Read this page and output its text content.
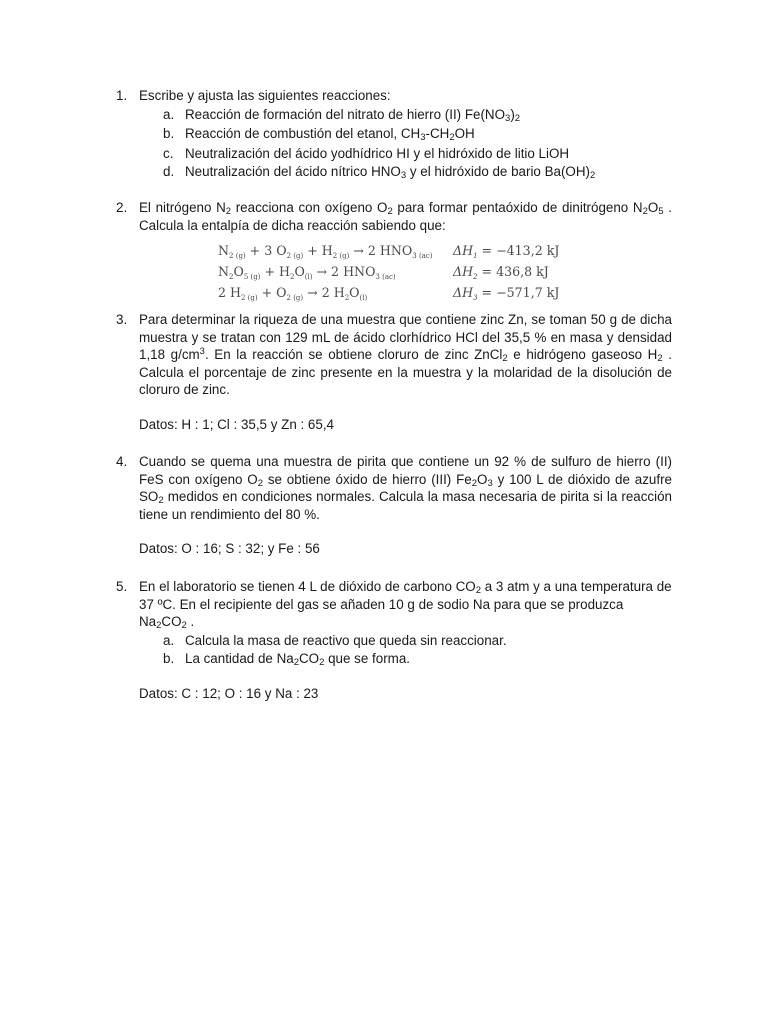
1. Escribe y ajusta las siguientes reacciones:
a. Reacción de formación del nitrato de hierro (II) $Fe(NO_3)_2$
b. Reacción de combustión del etanol, $CH_3-CH_2OH$
c. Neutralización del ácido yodhídrico HI y el hidróxido de litio LiOH
d. Neutralización del ácido nítrico $HNO_3$ y el hidróxido de bario $Ba(OH)_2$
2. El nitrógeno $N_2$ reacciona con oxígeno $O_2$ para formar pentaóxido de dinitrógeno $N_2O_5$ . Calcula la entalpía de dicha reacción sabiendo que:
$N_{2 (g)} + 3$ $O_{2 (g)} + H_{2 (g)} \to 2$ $HNO_{3 (ac)}$ $\Delta H_1 = -413,2$ kJ
$N_2O_{5 (g)} + H_2O_{(l)} \to 2$ $HNO_{3 (ac)}$	$\Delta H_2 = 436,8$ kJ
2 $H_{2 (g)} + O_{2 (g)} \to 2$ $H_2O_{(l)}$	$\Delta H_3 = -571,7$ kJ
3. Para determinar la riqueza de una muestra que contiene zinc Zn, se toman 50 g de dicha muestra y se tratan con 129 mL de ácido clorhídrico HCl del 35,5 % en masa y densidad 1,18 $g/cm^3$. En la reacción se obtiene cloruro de zinc ZnCl$_2$ e hidrógeno gaseoso $H_2$ . Calcula el porcentaje de zinc presente en la muestra y la molaridad de la disolución de cloruro de zinc.
Datos: H : 1; Cl : 35,5 y Zn : 65,4
4. Cuando se quema una muestra de pirita que contiene un 92 % de sulfuro de hierro (II) FeS con oxígeno $O_2$ se obtiene óxido de hierro (III) $Fe_2O_3$ y 100 L de dióxido de azufre $SO_2$ medidos en condiciones normales. Calcula la masa necesaria de pirita si la reacción tiene un rendimiento del 80 %.
Datos: O : 16; S : 32; y Fe : 56
5. En el laboratorio se tienen 4 L de dióxido de carbono $CO_2$ a 3 atm y a una temperatura de 37 ºC. En el recipiente del gas se añaden 10 g de sodio Na para que se produzca $Na_2CO_2$ .
a. Calcula la masa de reactivo que queda sin reaccionar.
b. La cantidad de $Na_2CO_2$ que se forma.
Datos: C : 12; O : 16 y Na : 23
